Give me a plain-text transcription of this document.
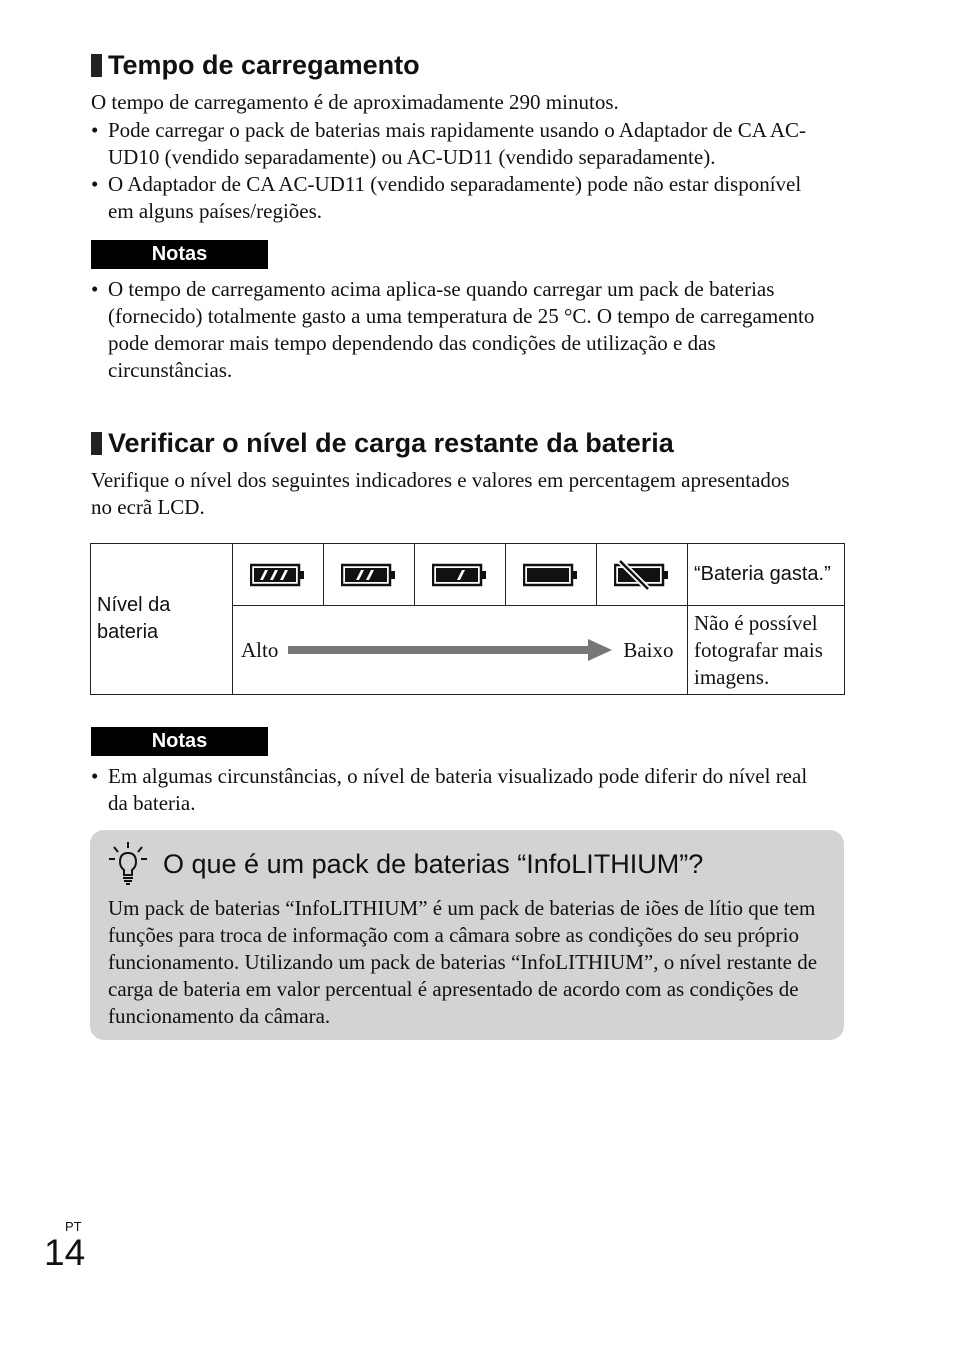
Tempo de carregamento
O tempo de carregamento é de aproximadamente 290 minutos.
• Pode carregar o pack de baterias mais rapidamente usando o Adaptador de CA AC-UD10 (vendido separadamente) ou AC-UD11 (vendido separadamente).
• O Adaptador de CA AC-UD11 (vendido separadamente) pode não estar disponível em alguns países/regiões.
Notas
• O tempo de carregamento acima aplica-se quando carregar um pack de baterias (fornecido) totalmente gasto a uma temperatura de 25 °C. O tempo de carregamento pode demorar mais tempo dependendo das condições de utilização e das circunstâncias.
Verificar o nível de carga restante da bateria
Verifique o nível dos seguintes indicadores e valores em percentagem apresentados no ecrã LCD.
Nível da bateria						“Bateria gasta.”

	Alto Baixo					Não é possível fotografar mais imagens.
Notas
• Em algumas circunstâncias, o nível de bateria visualizado pode diferir do nível real da bateria.
O que é um pack de baterias “InfoLITHIUM”?
Um pack de baterias “InfoLITHIUM” é um pack de baterias de iões de lítio que tem funções para troca de informação com a câmara sobre as condições do seu próprio funcionamento. Utilizando um pack de baterias “InfoLITHIUM”, o nível restante de carga de bateria em valor percentual é apresentado de acordo com as condições de funcionamento da câmara.
PT
14
